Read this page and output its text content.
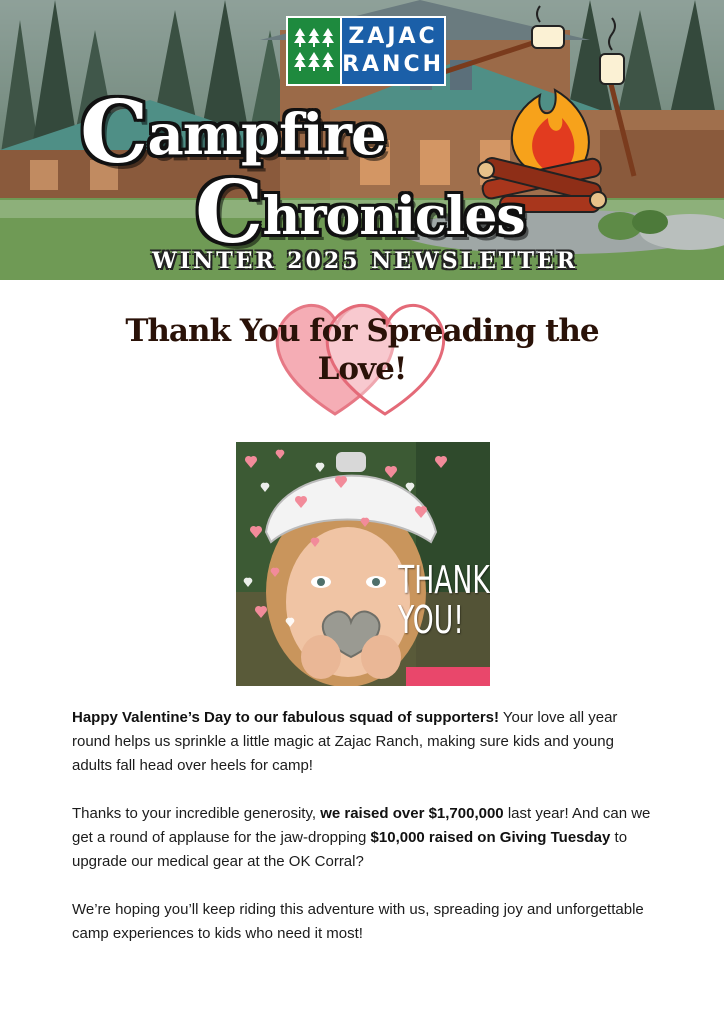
ZAJAC
RANCH
Campfire
Chronicles
WINTER 2025 NEWSLETTER
Thank You for Spreading the
Love!
THANK
YOU!

Happy Valentine’s Day to our fabulous squad of supporters! Your love all year round helps us sprinkle a little magic at Zajac Ranch, making sure kids and young adults fall head over heels for camp!

Thanks to your incredible generosity, we raised over $1,700,000 last year! And can we get a round of applause for the jaw-dropping $10,000 raised on Giving Tuesday to upgrade our medical gear at the OK Corral?

We’re hoping you’ll keep riding this adventure with us, spreading joy and unforgettable camp experiences to kids who need it most!
